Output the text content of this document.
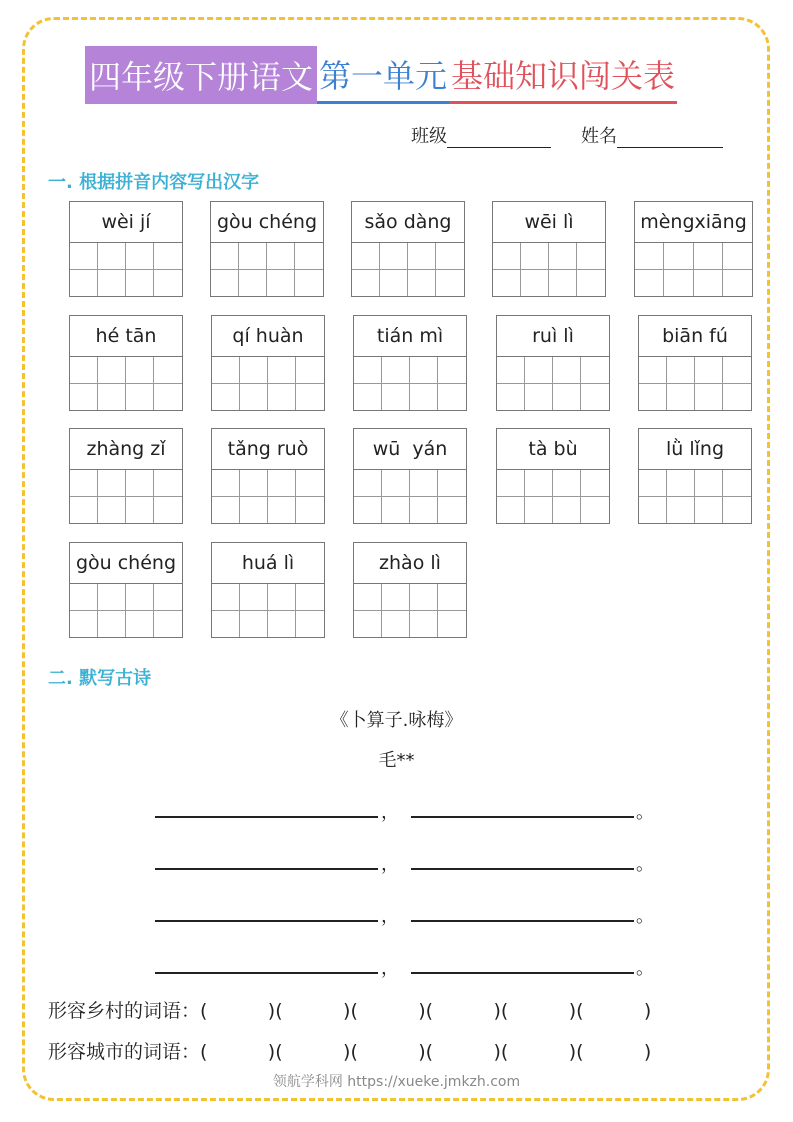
四年级下册语文 第一单元 基础知识闯关表
班级	姓名
一. 根据拼音内容写出汉字
wèi jí	gòu chéng	sǎo dàng	wēi lì	mèngxiāng
hé tān	qí huàn	tián mì	ruì lì	biān fú
zhàng zǐ	tǎng ruò	wū  yán	tà bù	lǜ lǐng
gòu chéng	huá lì	zhào lì
二. 默写古诗
《卜算子.咏梅》
毛**
，	。
，	。
，	。
，	。
形容乡村的词语：(          )(          )(          )(          )(          )(          )
形容城市的词语：(          )(          )(          )(          )(          )(          )
领航学科网 https://xueke.jmkzh.com
